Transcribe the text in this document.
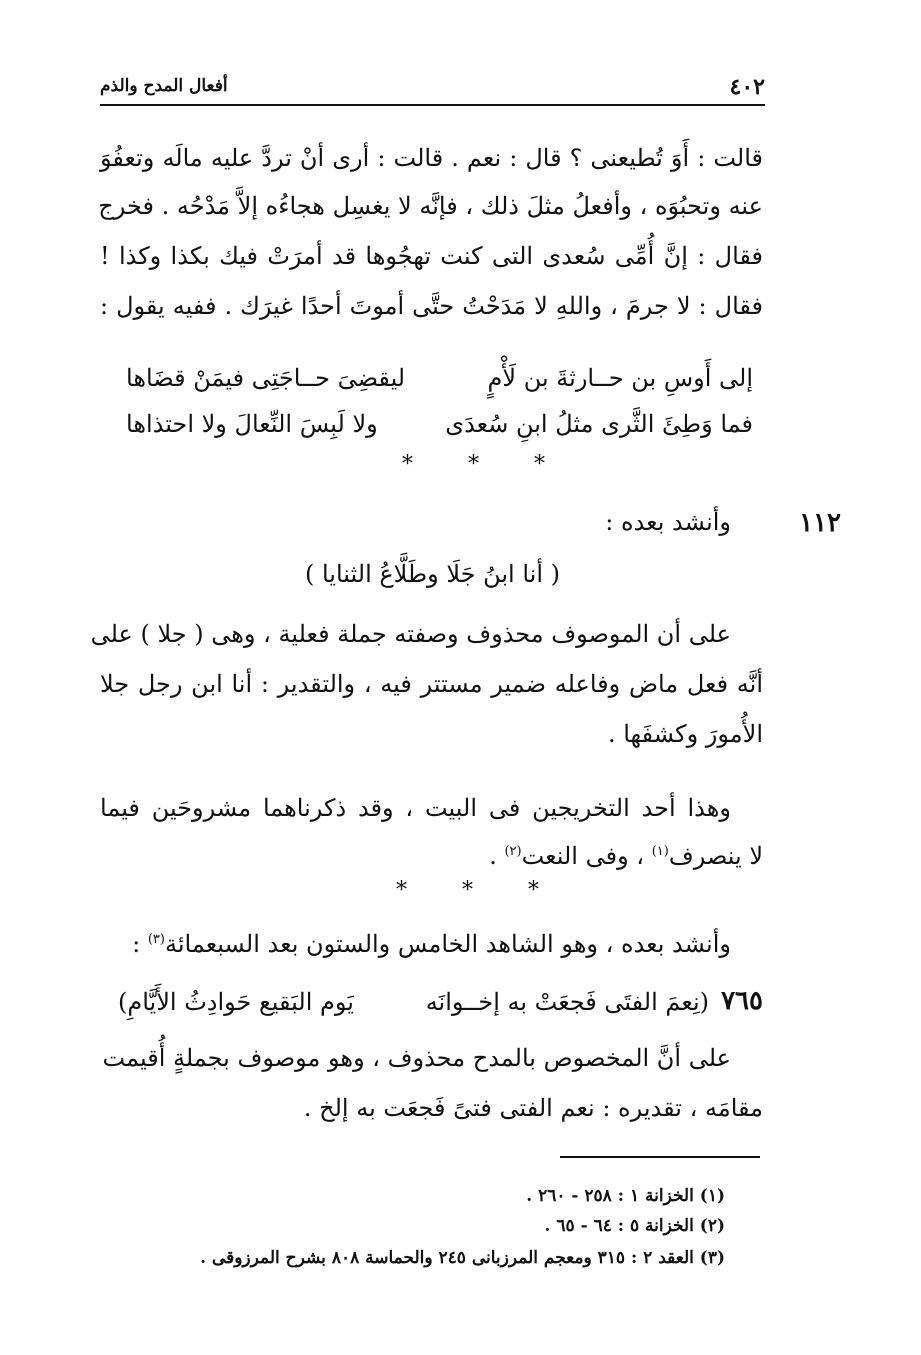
٤٠٢
أفعال المدح والذم
قالت : أَوَ تُطيعنى ؟ قال : نعم . قالت : أرى أنْ تردَّ عليه مالَه وتعفُوَ
عنه وتحبُوَه ، وأفعلُ مثلَ ذلك ، فإنَّه لا يغسِل هجاءُه إلاَّ مَدْحُه . فخرج
فقال : إنَّ أُمِّى سُعدى التى كنت تهجُوها قد أمرَتْ فيك بكذا وكذا !
فقال : لا جرمَ ، واللهِ لا مَدَحْتُ حتَّى أموتَ أحدًا غيرَك . ففيه يقول :
إلى أَوسِ بن حــارثةَ بن لَأْمٍ
ليقضِىَ حــاجَتِى فيمَنْ قضَاها
فما وَطِئَ الثَّرى مثلُ ابنِ سُعدَى
ولا لَبِسَ النِّعالَ ولا احتذاها
* * *
١١٢
وأنشد بعده :
( أنا ابنُ جَلَا وطَلَّاعُ الثنايا )
على أن الموصوف محذوف وصفته جملة فعلية ، وهى ( جلا ) على
أنَّه فعل ماض وفاعله ضمير مستتر فيه ، والتقدير : أنا ابن رجل جلا
الأُمورَ وكشفَها .
وهذا أحد التخريجين فى البيت ، وقد ذكرناهما مشروحَين فيما
لا ينصرف$^{(١)}$ ، وفى النعت$^{(٢)}$ .
* * *
وأنشد بعده ، وهو الشاهد الخامس والستون بعد السبعمائة$^{(٣)}$ :
٧٦٥
(نِعمَ الفتَى فَجعَتْ به إخــوانَه
يَوم البَقيع حَوادِثُ الأَيَّامِ)
على أنَّ المخصوص بالمدح محذوف ، وهو موصوف بجملةٍ أُقيمت
مقامَه ، تقديره : نعم الفتى فتىً فَجعَت به إلخ .
(١) الخزانة ١ : ٢٥٨ - ٢٦٠ .
(٢) الخزانة ٥ : ٦٤ - ٦٥ .
(٣) العقد ٢ : ٣١٥ ومعجم المرزبانى ٢٤٥ والحماسة ٨٠٨ بشرح المرزوقى .
